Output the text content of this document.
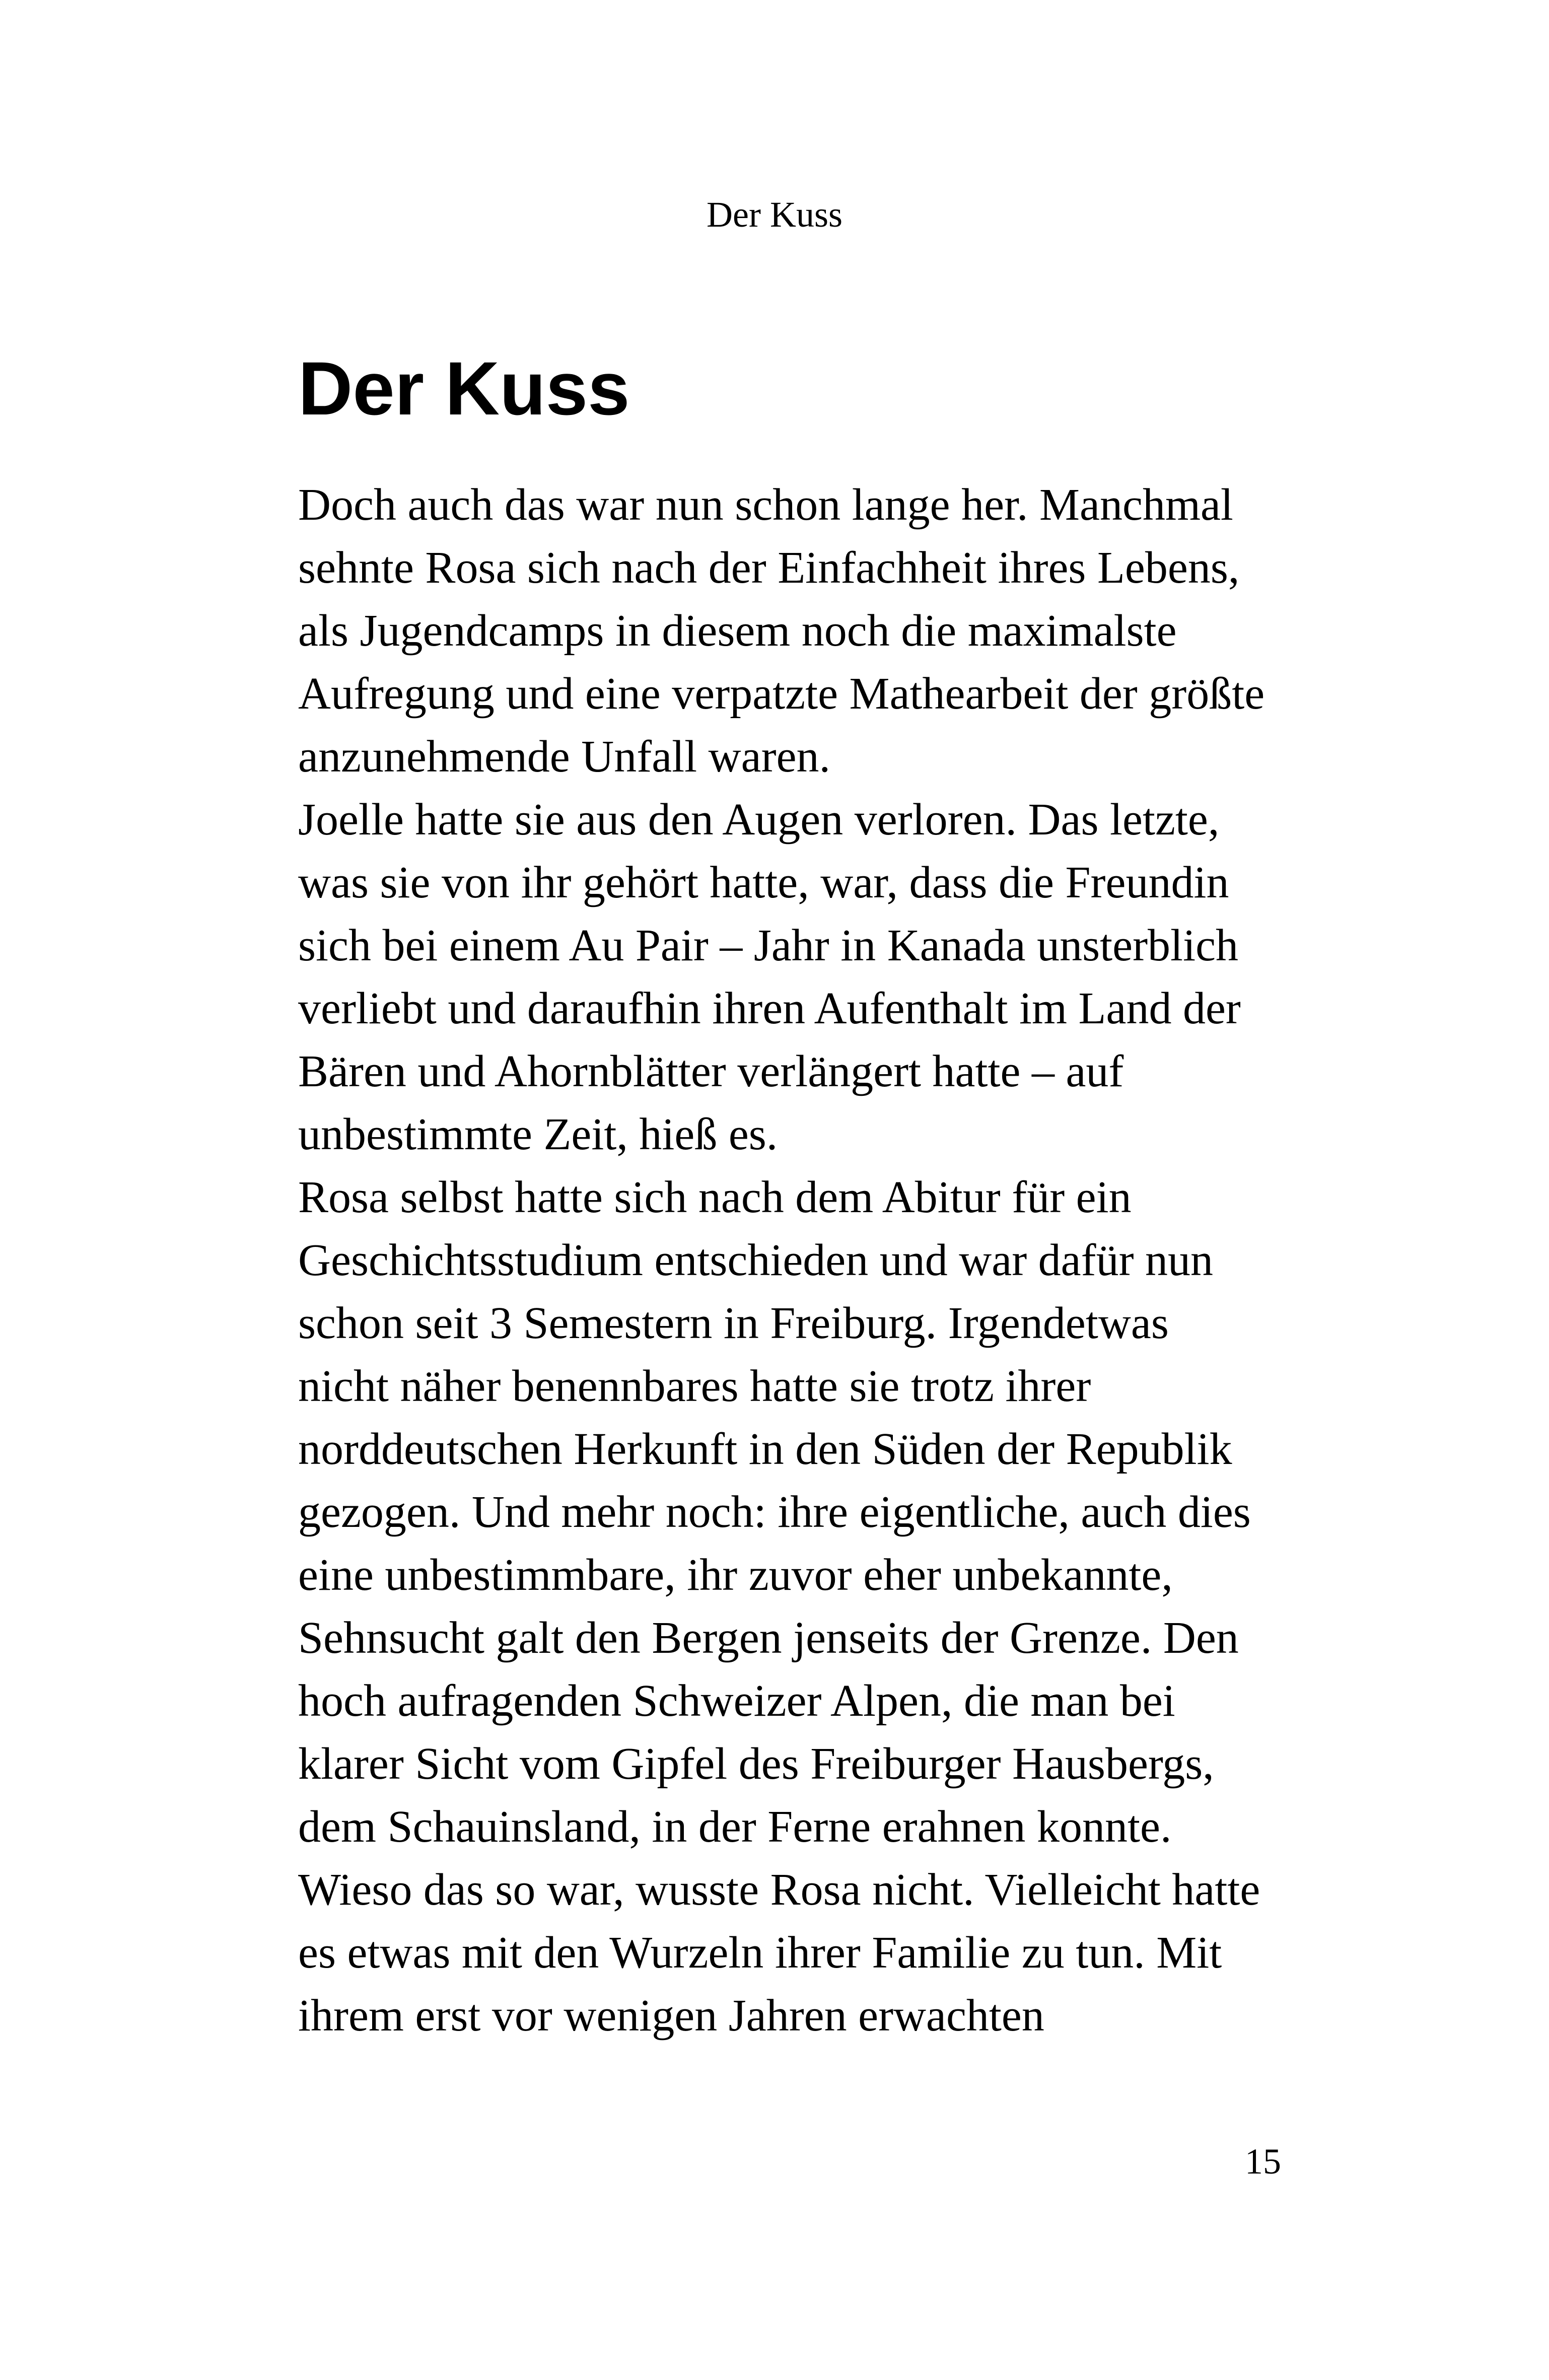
Der Kuss
Der Kuss
Doch auch das war nun schon lange her. Manchmal
sehnte Rosa sich nach der Einfachheit ihres Lebens,
als Jugendcamps in diesem noch die maximalste
Aufregung und eine verpatzte Mathearbeit der größte
anzunehmende Unfall waren.
Joelle hatte sie aus den Augen verloren. Das letzte,
was sie von ihr gehört hatte, war, dass die Freundin
sich bei einem Au Pair – Jahr in Kanada unsterblich
verliebt und daraufhin ihren Aufenthalt im Land der
Bären und Ahornblätter verlängert hatte – auf
unbestimmte Zeit, hieß es.
Rosa selbst hatte sich nach dem Abitur für ein
Geschichtsstudium entschieden und war dafür nun
schon seit 3 Semestern in Freiburg. Irgendetwas
nicht näher benennbares hatte sie trotz ihrer
norddeutschen Herkunft in den Süden der Republik
gezogen. Und mehr noch: ihre eigentliche, auch dies
eine unbestimmbare, ihr zuvor eher unbekannte,
Sehnsucht galt den Bergen jenseits der Grenze. Den
hoch aufragenden Schweizer Alpen, die man bei
klarer Sicht vom Gipfel des Freiburger Hausbergs,
dem Schauinsland, in der Ferne erahnen konnte.
Wieso das so war, wusste Rosa nicht. Vielleicht hatte
es etwas mit den Wurzeln ihrer Familie zu tun. Mit
ihrem erst vor wenigen Jahren erwachten
15
